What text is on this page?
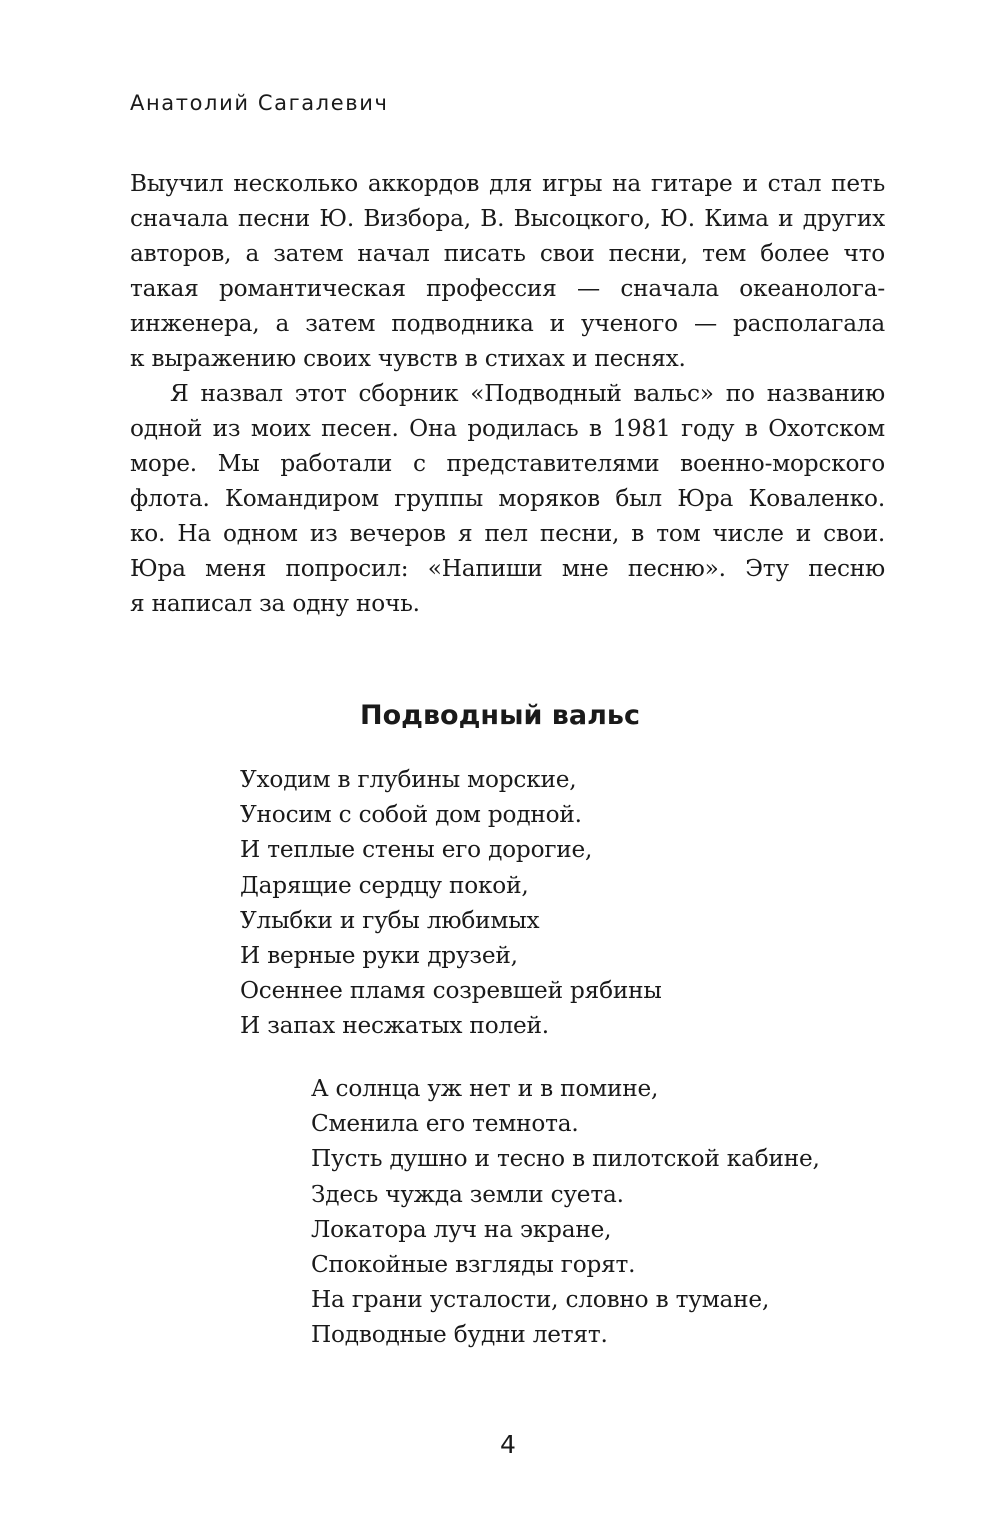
Анатолий Сагалевич
Выучил несколько аккордов для игры на гитаре и стал петь
сначала песни Ю. Визбора, В. Высоцкого, Ю. Кима и других
авторов, а затем начал писать свои песни, тем более что
такая романтическая профессия — сначала океанолога-
инженера, а затем подводника и ученого — располагала
к выражению своих чувств в стихах и песнях.
Я назвал этот сборник «Подводный вальс» по названию
одной из моих песен. Она родилась в 1981 году в Охотском
море. Мы работали с представителями военно-морского
флота. Командиром группы моряков был Юра Коваленко.
ко. На одном из вечеров я пел песни, в том числе и свои.
Юра меня попросил: «Напиши мне песню». Эту песню
я написал за одну ночь.
Подводный вальс
Уходим в глубины морские,
Уносим с собой дом родной.
И теплые стены его дорогие,
Дарящие сердцу покой,
Улыбки и губы любимых
И верные руки друзей,
Осеннее пламя созревшей рябины
И запах несжатых полей.
А солнца уж нет и в помине,
Сменила его темнота.
Пусть душно и тесно в пилотской кабине,
Здесь чужда земли суета.
Локатора луч на экране,
Спокойные взгляды горят.
На грани усталости, словно в тумане,
Подводные будни летят.
4
